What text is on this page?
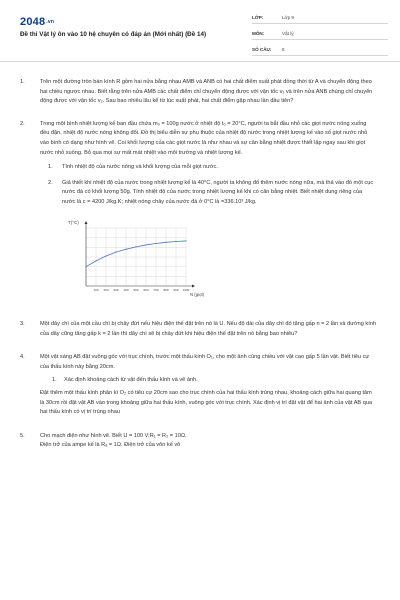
2048.vn
Đề thi Vật lý ôn vào 10 hệ chuyên có đáp án (Mới nhất) (Đề 14)
LỚP:	Lớp 9
MÔN:	Vật lý
SỐ CÂU:	6
1.	Trên một đường tròn bán kính R gồm hai nửa bằng nhau AMB và ANB có hai chất điểm xuất phát đồng thời từ A và chuyển động theo hai chiều ngược nhau. Biết rằng trên nửa AMB các chất điểm chỉ chuyển động được với vận tốc v₁ và trên nửa ANB chúng chỉ chuyển động được với vận tốc v₂. Sau bao nhiêu lâu kể từ lúc xuất phát, hai chất điểm gặp nhau lần đầu tiên?
2.	Trong một bình nhiệt lượng kế ban đầu chứa m₀ = 100g nước ở nhiệt độ t₀ = 20°C, người ta bắt đầu nhỏ các giọt nước nóng xuống đều đặn, nhiệt độ nước nóng không đổi. Đồ thị biểu diễn sự phụ thuộc của nhiệt độ nước trong nhiệt lượng kế vào số giọt nước nhỏ vào bình có dạng như hình vẽ. Coi khối lượng của các giọt nước là như nhau và sự cân bằng nhiệt được thiết lập ngay sau khi giọt nước nhỏ xuống. Bỏ qua mọi sự mất mát nhiệt vào môi trường và nhiệt lượng kế.
1. Tính nhiệt độ của nước nóng và khối lượng của mỗi giọt nước.
2. Giả thiết khi nhiệt độ của nước trong nhiệt lượng kế là 40°C, người ta không đổ thêm nước nóng nữa, mà thả vào đó một cục nước đá có khối lượng 50g. Tính nhiệt độ của nước trong nhiệt lượng kế khi có cân bằng nhiệt. Biết nhiệt dung riêng của nước là c = 4200 J/kg.K; nhiệt nóng chảy của nước đá ở 0°C là =336.10³ J/kg.
100 200 300 400 500 600 700 800 900 1000
T(°C)
N (giọt)
3.	Một dây chì của một cầu chì bị chảy đứt nếu hiệu điện thế đặt trên nó là U. Nếu độ dài của dây chì đó tăng gấp n = 2 lần và đường kính của dây cũng tăng gấp k = 2 lần thì dây chì sẽ bị chảy đứt khi hiệu điện thế đặt trên nó bằng bao nhiêu?
4.	Một vật sáng AB đặt vuông góc với trục chính, trước một thấu kính O₁, cho một ảnh cùng chiều với vật cao gấp 5 lần vật. Biết tiêu cự của thấu kính này bằng 20cm.
1. Xác định khoảng cách từ vật đến thấu kính và vẽ ảnh.
Đặt thêm một thấu kính phân kì O₂ có tiêu cự 20cm sao cho trục chính của hai thấu kính trùng nhau, khoảng cách giữa hai quang tâm là 30cm rồi đặt vật AB vào trong khoảng giữa hai thấu kính, vuông góc với trục chính. Xác định vị trí đặt vật để hai ảnh của vật AB qua hai thấu kính có vị trí trùng nhau
5.	Cho mạch điện như hình vẽ. Biết U = 100 V;R₁ = R₂ = 10Ω.
Điện trở của ampe kế là Rₐ = 1Ω. Điện trở của vôn kế vô
